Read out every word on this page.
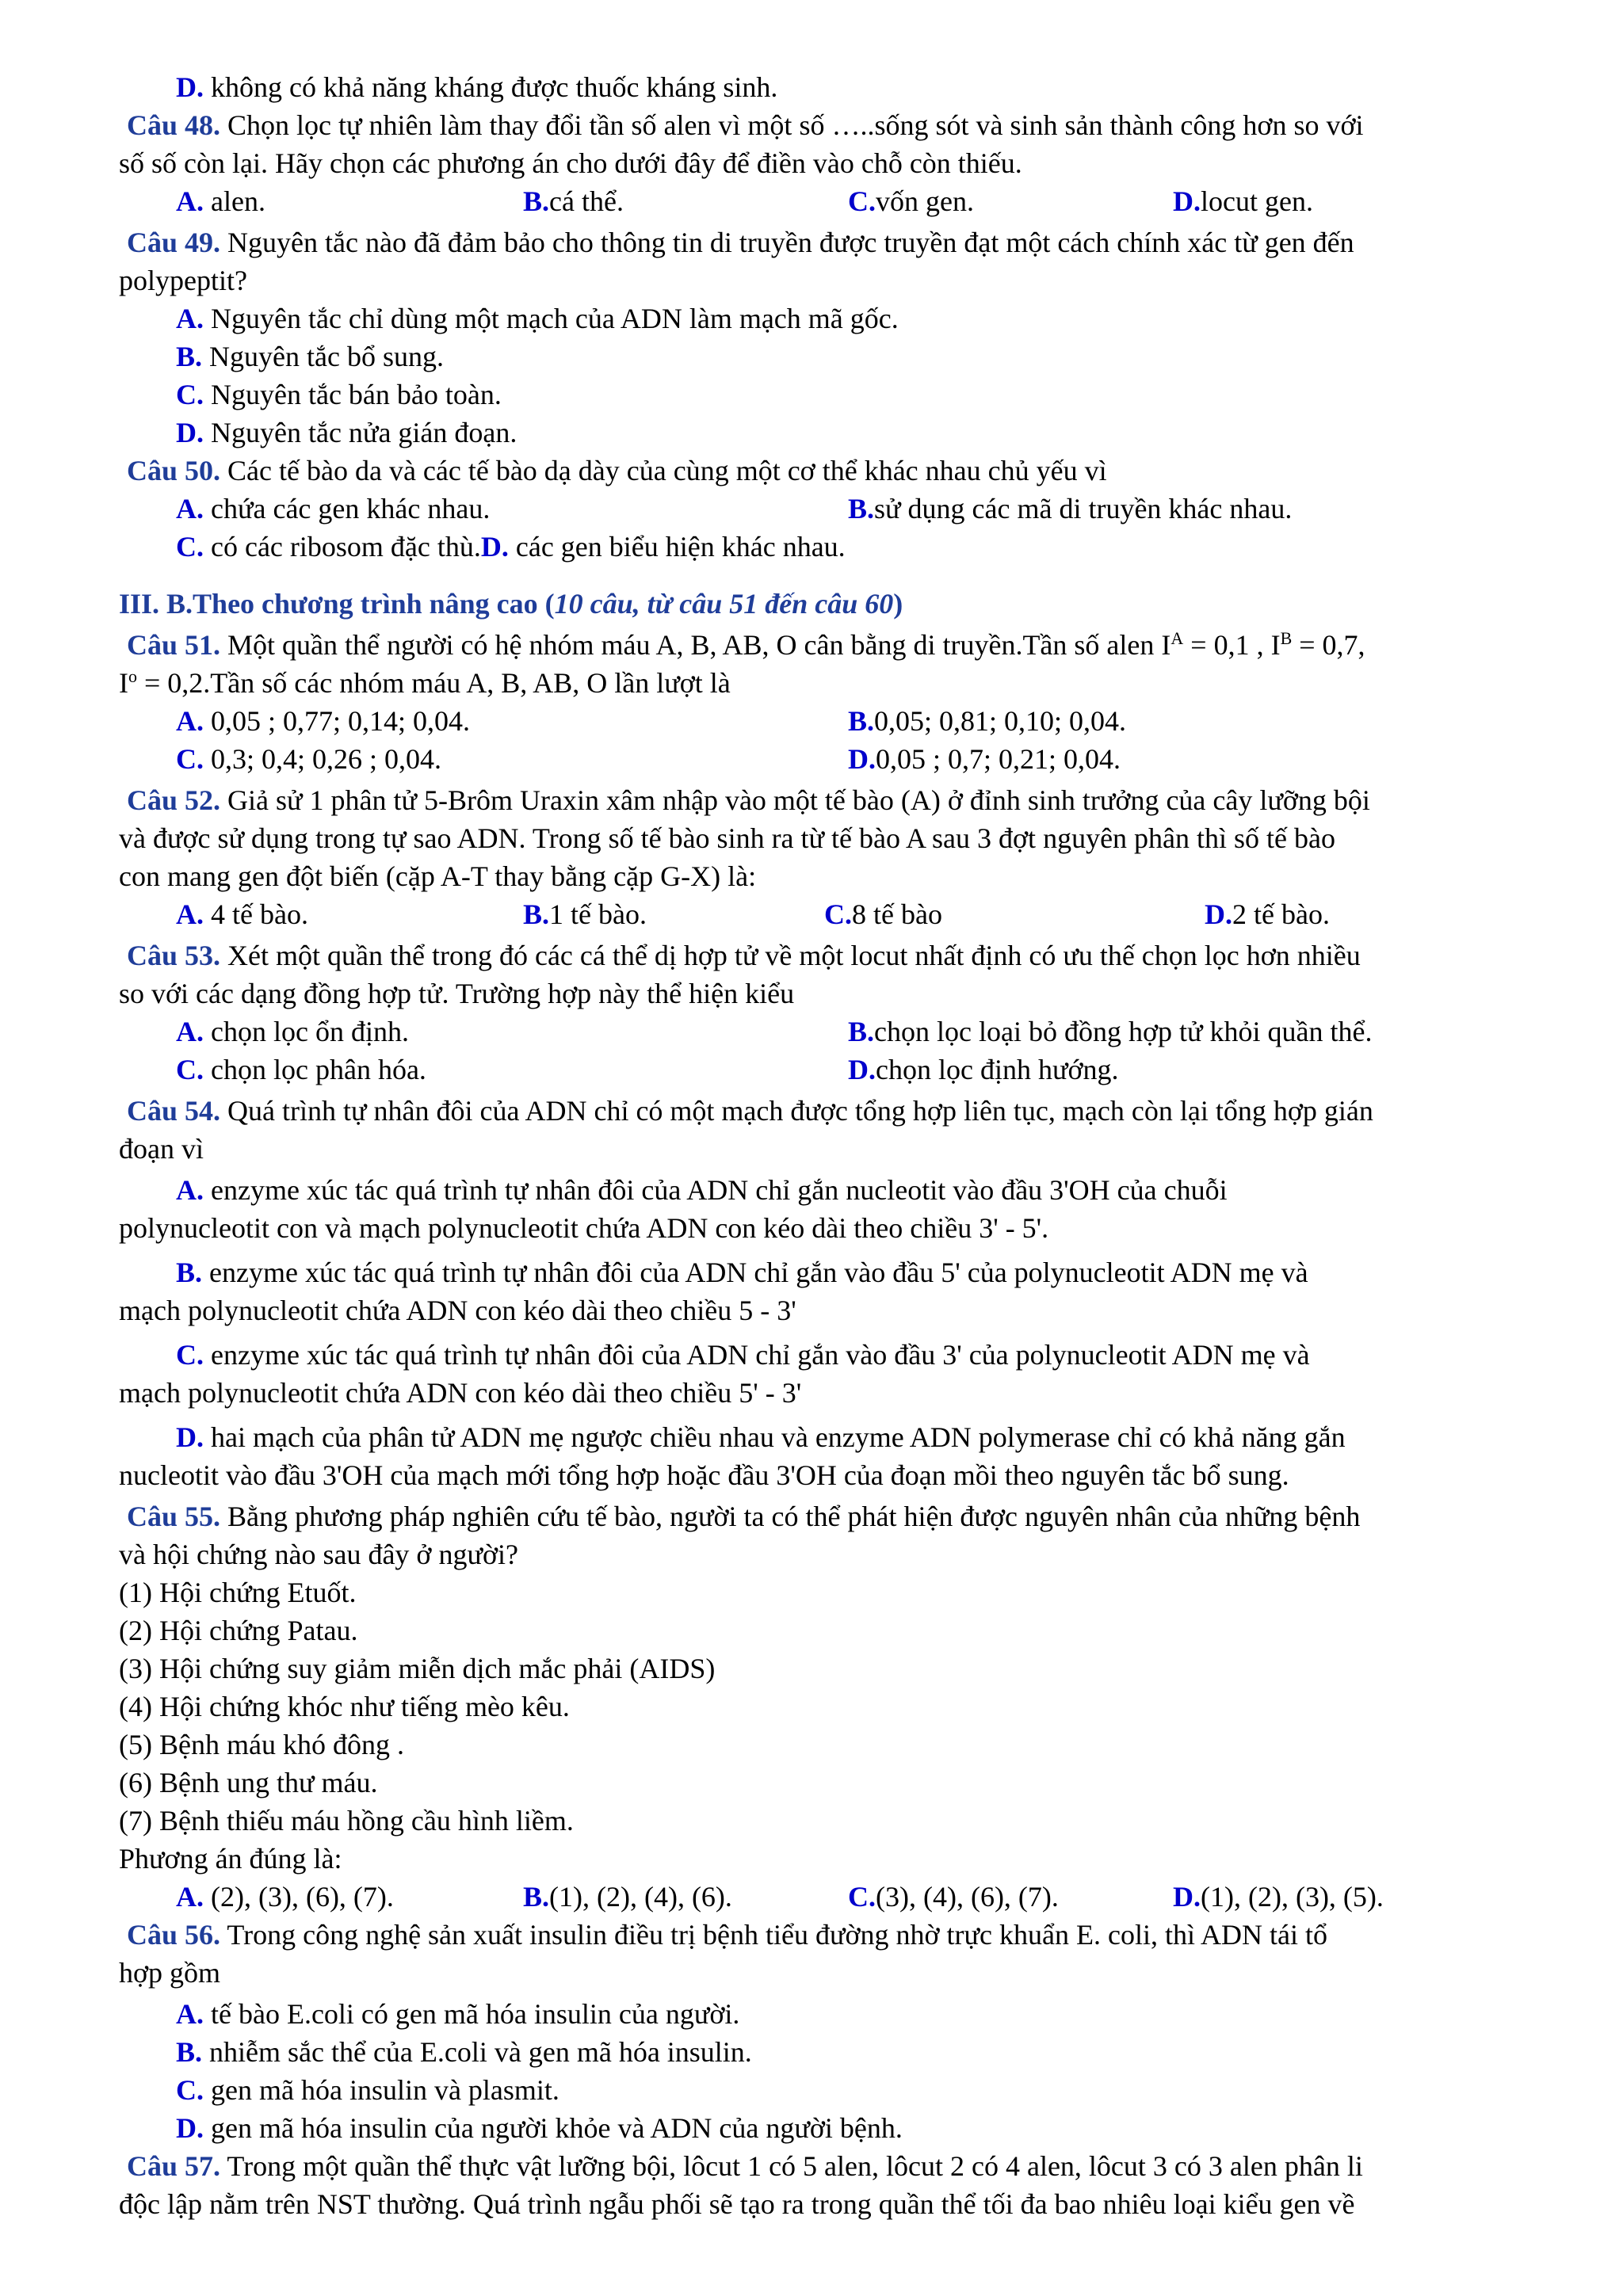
D. không có khả năng kháng được thuốc kháng sinh.
Câu 48. Chọn lọc tự nhiên làm thay đổi tần số alen vì một số …..sống sót và sinh sản thành công hơn so với
số số còn lại. Hãy chọn các phương án cho dưới đây để điền vào chỗ còn thiếu.
A. alen.	B. cá thể.	C. vốn gen.	D. locut gen.
Câu 49. Nguyên tắc nào đã đảm bảo cho thông tin di truyền được truyền đạt một cách chính xác từ gen đến
polypeptit?
A. Nguyên tắc chỉ dùng một mạch của ADN làm mạch mã gốc.
B. Nguyên tắc bổ sung.
C. Nguyên tắc bán bảo toàn.
D. Nguyên tắc nửa gián đoạn.
Câu 50. Các tế bào da và các tế bào dạ dày của cùng một cơ thể khác nhau chủ yếu vì
A. chứa các gen khác nhau.	B. sử dụng các mã di truyền khác nhau.
C. có các ribosom đặc thù.D. các gen biểu hiện khác nhau.
III. B.Theo chương trình nâng cao (10 câu, từ câu 51 đến câu 60)
Câu 51. Một quần thể người có hệ nhóm máu A, B, AB, O cân bằng di truyền.Tần số alen $I^A = 0,1$ , $I^B = 0,7$,
$I^o$ = 0,2.Tần số các nhóm máu A, B, AB, O lần lượt là
A. 0,05 ; 0,77; 0,14; 0,04.	B. 0,05; 0,81; 0,10; 0,04.
C. 0,3; 0,4; 0,26 ; 0,04.	D. 0,05 ; 0,7; 0,21; 0,04.
Câu 52. Giả sử 1 phân tử 5-Brôm Uraxin xâm nhập vào một tế bào (A) ở đỉnh sinh trưởng của cây lưỡng bội
và được sử dụng trong tự sao ADN. Trong số tế bào sinh ra từ tế bào A sau 3 đợt nguyên phân thì số tế bào
con mang gen đột biến (cặp A-T thay bằng cặp G-X) là:
A. 4 tế bào.	B. 1 tế bào.	C. 8 tế bào	D. 2 tế bào.
Câu 53. Xét một quần thể trong đó các cá thể dị hợp tử về một locut nhất định có ưu thế chọn lọc hơn nhiều
so với các dạng đồng hợp tử. Trường hợp này thể hiện kiểu
A. chọn lọc ổn định.	B. chọn lọc loại bỏ đồng hợp tử khỏi quần thể.
C. chọn lọc phân hóa.	D. chọn lọc định hướng.
Câu 54. Quá trình tự nhân đôi của ADN chỉ có một mạch được tổng hợp liên tục, mạch còn lại tổng hợp gián
đoạn vì
A. enzyme xúc tác quá trình tự nhân đôi của ADN chỉ gắn nucleotit vào đầu 3'OH của chuỗi
polynucleotit con và mạch polynucleotit chứa ADN con kéo dài theo chiều 3' - 5'.
B. enzyme xúc tác quá trình tự nhân đôi của ADN chỉ gắn vào đầu 5' của polynucleotit ADN mẹ và
mạch polynucleotit chứa ADN con kéo dài theo chiều 5 - 3'
C. enzyme xúc tác quá trình tự nhân đôi của ADN chỉ gắn vào đầu 3' của polynucleotit ADN mẹ và
mạch polynucleotit chứa ADN con kéo dài theo chiều 5' - 3'
D. hai mạch của phân tử ADN mẹ ngược chiều nhau và enzyme ADN polymerase chỉ có khả năng gắn
nucleotit vào đầu 3'OH của mạch mới tổng hợp hoặc đầu 3'OH của đoạn mồi theo nguyên tắc bổ sung.
Câu 55. Bằng phương pháp nghiên cứu tế bào, người ta có thể phát hiện được nguyên nhân của những bệnh
và hội chứng nào sau đây ở người?
(1) Hội chứng Etuốt.
(2) Hội chứng Patau.
(3) Hội chứng suy giảm miễn dịch mắc phải (AIDS)
(4) Hội chứng khóc như tiếng mèo kêu.
(5) Bệnh máu khó đông .
(6) Bệnh ung thư máu.
(7) Bệnh thiếu máu hồng cầu hình liềm.
Phương án đúng là:
A. (2), (3), (6), (7).	B. (1), (2), (4), (6).	C. (3), (4), (6), (7).	D. (1), (2), (3), (5).
Câu 56. Trong công nghệ sản xuất insulin điều trị bệnh tiểu đường nhờ trực khuẩn E. coli, thì ADN tái tổ
hợp gồm
A. tế bào E.coli có gen mã hóa insulin của người.
B. nhiễm sắc thể của E.coli và gen mã hóa insulin.
C. gen mã hóa insulin và plasmit.
D. gen mã hóa insulin của người khỏe và ADN của người bệnh.
Câu 57. Trong một quần thể thực vật lưỡng bội, lôcut 1 có 5 alen, lôcut 2 có 4 alen, lôcut 3 có 3 alen phân li
độc lập nằm trên NST thường. Quá trình ngẫu phối sẽ tạo ra trong quần thể tối đa bao nhiêu loại kiểu gen về
